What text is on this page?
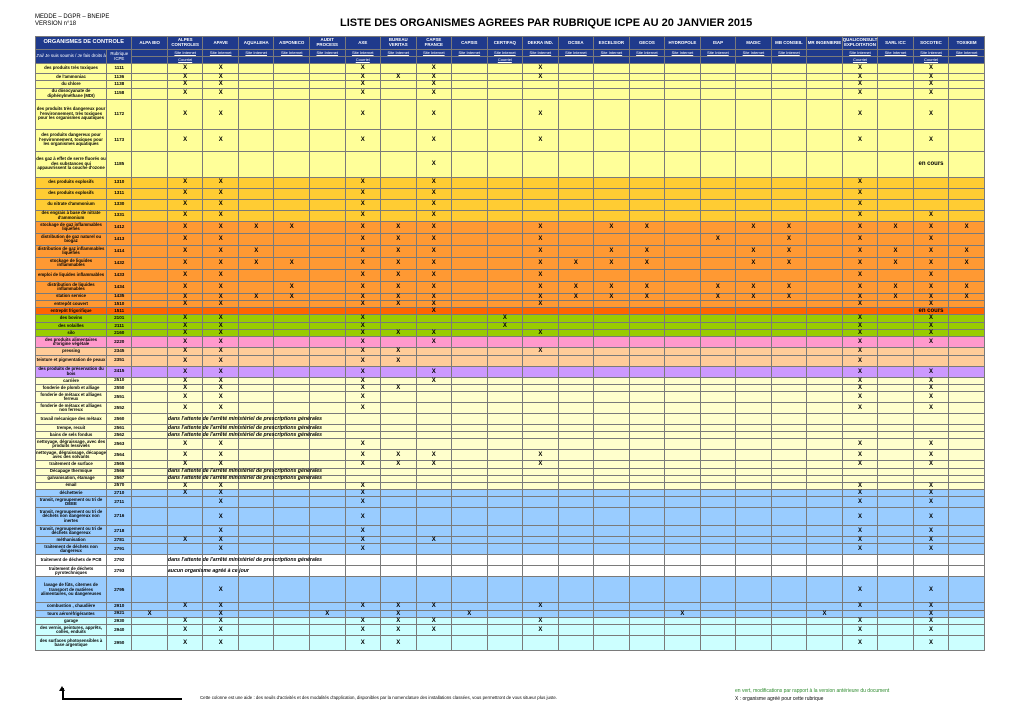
MEDDE – DGPR – BNEIPE
VERSION n°18	LISTE DES ORGANISMES AGREES PAR RUBRIQUE ICPE AU 20 JANVIER 2015
ORGANISMES DE CONTROLE		ALPA BIO	ALPES CONTROLES	APAVE	AQUALEHA	ASPONECO	AUDIT PROCESS	AXE	BUREAU VERITAS	CAPSE FRANCE	CAPSIS	CERTIFAQ	DEKRA IND.	DCSEA	EXCELSIOR	GECOS	HYDROPOLE	ISAP	MADIC	MB CONSEIL	MR INGENIERIE	QUALICONSULT EXPLOITATION	SARL ICC	SOCOTEC	TOXIKEM
J'ai/ Je suis soumis / Je fais droits à	Rubrique ICPE		Site Internet	Site Internet	Site Internet	Site Internet	Site Internet	Site Internet	Site Internet	Site Internet	Site Internet	Site Internet	Site Internet	Site Internet	Site Internet	Site Internet	Site Internet	Site Internet	Site Internet	Site Internet		Site Internet	Site Internet	Site Internet	Site Internet
			Courriel					Courriel				Courriel										Courriel		Courriel	
des produits très toxiques	1111		X	X				X		X			X									X		X	
de l'ammoniac	1136		X	X				X	X	X			X									X		X	
du chlore	1138		X	X				X		X												X		X	
du diisocyanate de diphénylméthane (MDI)	1158		X	X				X		X												X		X	
des produits très dangereux pour l'environnement, très toxiques pour les organismes aquatiques	1172		X	X				X		X			X									X		X	
des produits dangereux pour l'environnement, toxiques pour les organismes aquatiques	1173		X	X				X		X			X									X		X	
des gaz à effet de serre fluorés ou des substances qui appauvrissent la couche d'ozone	1185									X														en cours	
des produits explosifs	1310		X	X				X		X												X			
des produits explosifs	1311		X	X				X		X												X			
du nitrate d'ammonium	1330		X	X				X		X												X			
des engrais à base de nitrate d'ammonium	1331		X	X				X		X												X		X	
stockage de gaz inflammables liquéfiés	1412		X	X	X	X		X	X	X			X		X	X			X	X		X	X	X	X
distribution de gaz naturel ou biogaz	1413		X	X				X	X	X			X					X		X		X		X	
distribution de gaz inflammables liquéfiés	1414		X	X	X			X	X	X			X		X	X			X	X		X	X	X	X
stockage de liquides inflammables	1432		X	X	X	X		X	X	X			X	X	X	X			X	X		X	X	X	X
emploi de liquides inflammables	1433		X	X				X	X	X			X									X		X	
distribution de liquides inflammables	1434		X	X		X		X	X	X			X	X	X	X		X	X	X		X	X	X	X
station service	1435		X	X	X	X		X	X	X			X	X	X	X		X	X	X		X	X	X	X
entrepôt couvert	1510		X	X				X	X	X			X									X		X	
entrepôt frigorifique	1511									X														en cours	
des bovins	2101		X	X				X				X										X		X	
des volailles	2111		X	X				X				X										X		X	
silo	2160		X	X				X	X	X			X									X		X	
des produits alimentaires d'origine végétale	2220		X	X				X		X												X		X	
pressing	2345		X	X				X	X				X									X			
teinture et pigmentation de peaux	2351		X	X				X	X													X			
des produits de préservation du bois	2415		X	X				X		X												X		X	
carrière	2510		X	X				X		X												X		X	
fonderie de plomb et alliage	2550		X	X				X	X													X		X	
fonderie de métaux et alliages ferreux	2551		X	X				X														X		X	
fonderie de métaux et alliages non ferreux	2552		X	X				X														X		X	
travail mécanique des métaux	2560		dans l'attente de l'arrêté ministériel de prescriptions générales																						
trempe, recuit	2561		dans l'attente de l'arrêté ministériel de prescriptions générales																						
bains de sels fondus	2562		dans l'attente de l'arrêté ministériel de prescriptions générales																						
nettoyage, dégraissage, avec des produits lessiviels	2563		X	X				X														X		X	
nettoyage, dégraissage, décapage avec des solvants	2564		X	X				X	X	X			X									X		X	
traitement de surface	2565		X	X				X	X	X			X									X		X	
Décapage thermique	2566		dans l'attente de l'arrêté ministériel de prescriptions générales																						
galvanisation, étamage	2567		dans l'attente de l'arrêté ministériel de prescriptions générales																						
émail	2570		X	X				X														X		X	
déchetterie	2710		X	X				X														X		X	
transit, regroupement ou tri de DEEE	2711			X				X														X		X	
transit, regroupement ou tri de déchets non dangereux non inertes	2716			X				X														X		X	
transit, regroupement ou tri de déchets dangereux	2718			X				X														X		X	
méthanisation	2781		X	X				X		X												X		X	
traitement de déchets non dangereux	2791			X				X														X		X	
traitement de déchets de PCB	2792		dans l'attente de l'arrêté ministériel de prescriptions générales																						
traitement de déchets pyrotechniques	2793		aucun organisme agréé à ce jour																						
lavage de fûts, citernes de transport de matières alimentaires, ou dangereuses	2795			X																		X		X	
combustion , chaudière	2910		X	X				X	X	X			X									X		X	
tours aéroréfrigérantes	2921	X		X			X		X		X						X				X			X	
garage	2930		X	X				X	X	X			X									X		X	
des vernis, peintures, apprêts, colles, enduits	2940		X	X				X	X	X			X									X		X	
des surfaces photosensibles à base argentique	2950		X	X				X	X													X		X	
Cette colonne est une aide : des seuils d'activités et des modalités d'application, disponibles par la nomenclature des installations classées, vous permettront de vous situeur plus juste.
en vert, modifications par rapport à la version antérieure du document
X : organisme agréé pour cette rubrique
